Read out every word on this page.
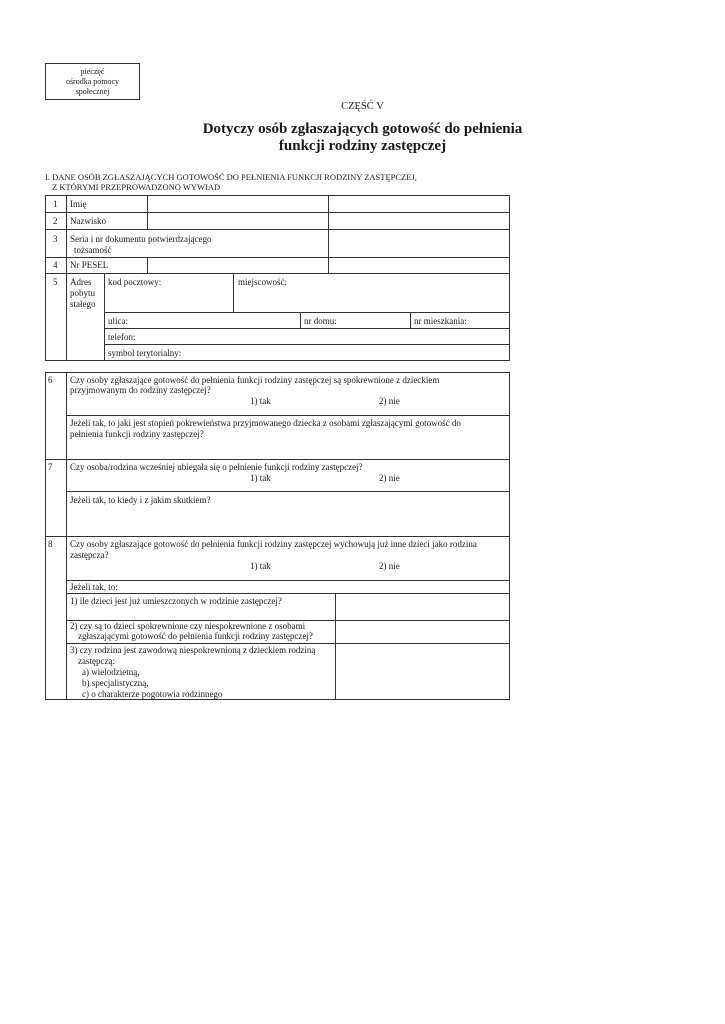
pieczęć
ośrodka pomocy
społecznej
CZĘŚĆ V
Dotyczy osób zgłaszających gotowość do pełnienia
funkcji rodziny zastępczej
I. DANE OSÓB ZGŁASZAJĄCYCH GOTOWOŚĆ DO PEŁNIENIA FUNKCJI RODZINY ZASTĘPCZEJ,
Z KTÓRYMI PRZEPROWADZONO WYWIAD
1 Imię
2 Nazwisko
3 Seria i nr dokumentu potwierdzającego
tożsamość
4 Nr PESEL
5 Adres
pobytu
stałego
kod pocztowy:	miejscowość:
ulica:	nr domu:	nr mieszkania:
telefon:
symbol terytorialny:
6 Czy osoby zgłaszające gotowość do pełnienia funkcji rodziny zastępczej są spokrewnione z dzieckiem
przyjmowanym do rodziny zastępczej?
1) tak	2) nie
Jeżeli tak, to jaki jest stopień pokrewieństwa przyjmowanego dziecka z osobami zgłaszającymi gotowość do
pełnienia funkcji rodziny zastępczej?
7 Czy osoba/rodzina wcześniej ubiegała się o pełnienie funkcji rodziny zastępczej?
1) tak	2) nie
Jeżeli tak, to kiedy i z jakim skutkiem?
8 Czy osoby zgłaszające gotowość do pełnienia funkcji rodziny zastępczej wychowują już inne dzieci jako rodzina
zastępcza?
1) tak	2) nie
Jeżeli tak, to:
1) ile dzieci jest już umieszczonych w rodzinie zastępczej?
2) czy są to dzieci spokrewnione czy niespokrewnione z osobami
zgłaszającymi gotowość do pełnienia funkcji rodziny zastępczej?
3) czy rodzina jest zawodową niespokrewnioną z dzieckiem rodziną
zastępczą:
a) wielodzietną,
b) specjalistyczną,
c) o charakterze pogotowia rodzinnego
